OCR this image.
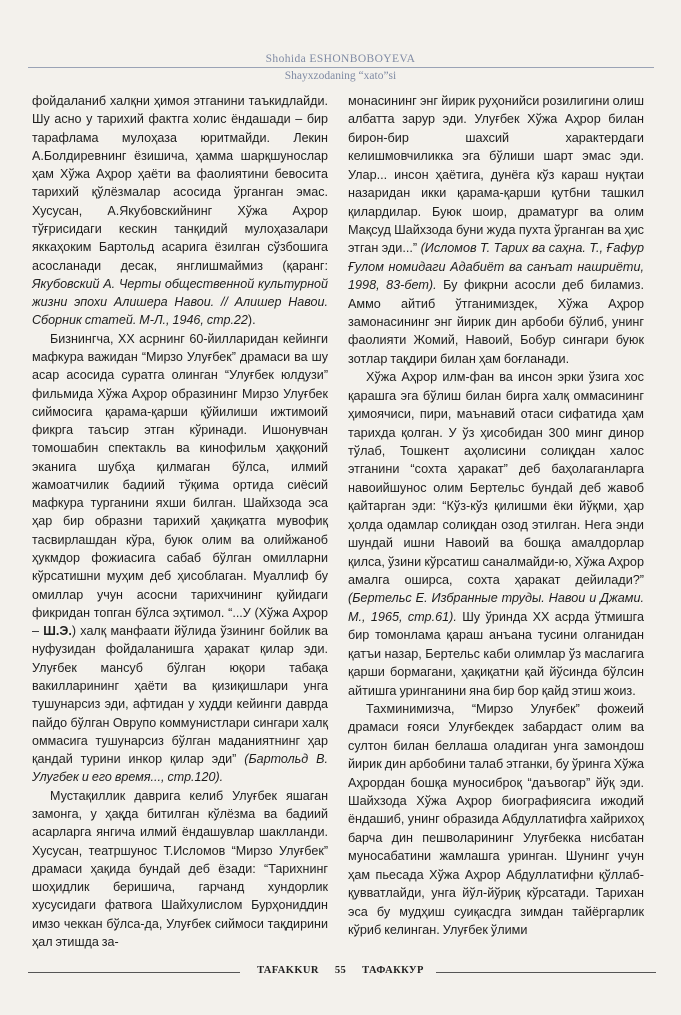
Shohida ESHONBOBOYEVA
Shayxzodaning “xato”si

фойдаланиб халқни ҳимоя этганини таъкидлайди. Шу асно у тарихий фактга холис ёндашади – бир тарафлама мулоҳаза юритмайди. Лекин А.Болдиревнинг ёзишича, ҳамма шарқшунослар ҳам Хўжа Аҳрор ҳаёти ва фаолиятини бевосита тарихий қўлёзмалар асосида ўрганган эмас. Хусусан, А.Якубовскийнинг Хўжа Аҳрор тўғрисидаги кескин танқидий мулоҳазалари яккаҳоким Бартольд асарига ёзилган сўзбошига асосланади десак, янглишмаймиз (қаранг: Якубовский А. Черты общественной культурной жизни эпохи Алишера Навои. // Алишер Навои. Сборник статей. М-Л., 1946, стр.22).

Бизнингча, ХХ асрнинг 60-йилларидан кейинги мафкура важидан “Мирзо Улуғбек” драмаси ва шу асар асосида суратга олинган “Улуғбек юлдузи” фильмида Хўжа Аҳрор образининг Мирзо Улуғбек сиймосига қарама-қарши қўйилиши ижтимоий фикрга таъсир этган кўринади. Ишонувчан томошабин спектакль ва кинофильм ҳаққоний эканига шубҳа қилмаган бўлса, илмий жамоатчилик бадиий тўқима ортида сиёсий мафкура турганини яхши билган. Шайхзода эса ҳар бир образни тарихий ҳақиқатга мувофиқ тасвирлашдан кўра, буюк олим ва олийжаноб ҳукмдор фожиасига сабаб бўлган омилларни кўрсатишни муҳим деб ҳисоблаган. Муаллиф бу омиллар учун асосни тарихчининг қуйидаги фикридан топган бўлса эҳтимол. “...У (Хўжа Аҳрор – Ш.Э.) халқ манфаати йўлида ўзининг бойлик ва нуфузидан фойдаланишга ҳаракат қилар эди. Улуғбек мансуб бўлган юқори табақа вакилларининг ҳаёти ва қизиқишлари унга тушунарсиз эди, афтидан у худди кейинги даврда пайдо бўлган Оврупо коммунистлари сингари халқ оммасига тушунарсиз бўлган маданиятнинг ҳар қандай турини инкор қилар эди” (Бартольд В. Улугбек и его время..., стр.120).

Мустақиллик даврига келиб Улуғбек яшаган замонга, у ҳақда битилган кўлёзма ва бадиий асарларга янгича илмий ёндашувлар шаклланди. Хусусан, театршунос Т.Исломов “Мирзо Улуғбек” драмаси ҳақида бундай деб ёзади: “Тарихнинг шоҳидлик беришича, гарчанд хундорлик хусусидаги фатвога Шайхулислом Бурҳониддин имзо чеккан бўлса-да, Улуғбек сиймоси тақдирини ҳал этишда за-

монасининг энг йирик руҳонийси розилигини олиш албатта зарур эди. Улуғбек Хўжа Аҳрор билан бирон-бир шахсий характердаги келишмовчиликка эга бўлиши шарт эмас эди. Улар... инсон ҳаётига, дунёга кўз караш нуқтаи назаридан икки қарама-қарши қутбни ташкил қилардилар. Буюк шоир, драматург ва олим Мақсуд Шайхзода буни жуда пухта ўрганган ва ҳис этган эди...” (Исломов Т. Тарих ва саҳна. Т., Ғафур Ғулом номидаги Адабиёт ва санъат нашриёти, 1998, 83-бет). Бу фикрни асосли деб биламиз. Аммо айтиб ўтганимиздек, Хўжа Аҳрор замонасининг энг йирик дин арбоби бўлиб, унинг фаолияти Жомий, Навоий, Бобур сингари буюк зотлар тақдири билан ҳам боғланади.

Хўжа Аҳрор илм-фан ва инсон эрки ўзига хос қарашга эга бўлиш билан бирга халқ оммасининг ҳимоячиси, пири, маънавий отаси сифатида ҳам тарихда қолган. У ўз ҳисобидан 300 минг динор тўлаб, Тошкент аҳолисини солиқдан халос этганини “сохта ҳаракат” деб баҳолаганларга навоийшунос олим Бертельс бундай деб жавоб қайтарган эди: “Кўз-кўз қилишми ёки йўқми, ҳар ҳолда одамлар солиқдан озод этилган. Нега энди шундай ишни Навоий ва бошқа амалдорлар қилса, ўзини кўрсатиш саналмайди-ю, Хўжа Аҳрор амалга оширса, сохта ҳаракат дейилади?” (Бертельс Е. Избранные труды. Навои и Джами. М., 1965, стр.61). Шу ўринда ХХ асрда ўтмишга бир томонлама қараш анъана тусини олганидан қатъи назар, Бертельс каби олимлар ўз маслагига қарши бормагани, ҳақиқатни қай йўсинда бўлсин айтишга уринганини яна бир бор қайд этиш жоиз.

Тахминимизча, “Мирзо Улуғбек” фожеий драмаси ғояси Улуғбекдек забардаст олим ва султон билан беллаша оладиган унга замондош йирик дин арбобини талаб этганки, бу ўринга Хўжа Аҳрордан бошқа муносиброқ “даъвогар” йўқ эди. Шайхзода Хўжа Аҳрор биографиясига ижодий ёндашиб, унинг образида Абдуллатифга хайрихоҳ барча дин пешволарининг Улуғбекка нисбатан муносабатини жамлашга уринган. Шунинг учун ҳам пьесада Хўжа Аҳрор Абдуллатифни қўллаб-қувватлайди, унга йўл-йўриқ кўрсатади. Тарихан эса бу мудҳиш суиқасдга зимдан тайёргарлик кўриб келинган. Улуғбек ўлими

TAFAKKUR 55 ТАФАККУР
